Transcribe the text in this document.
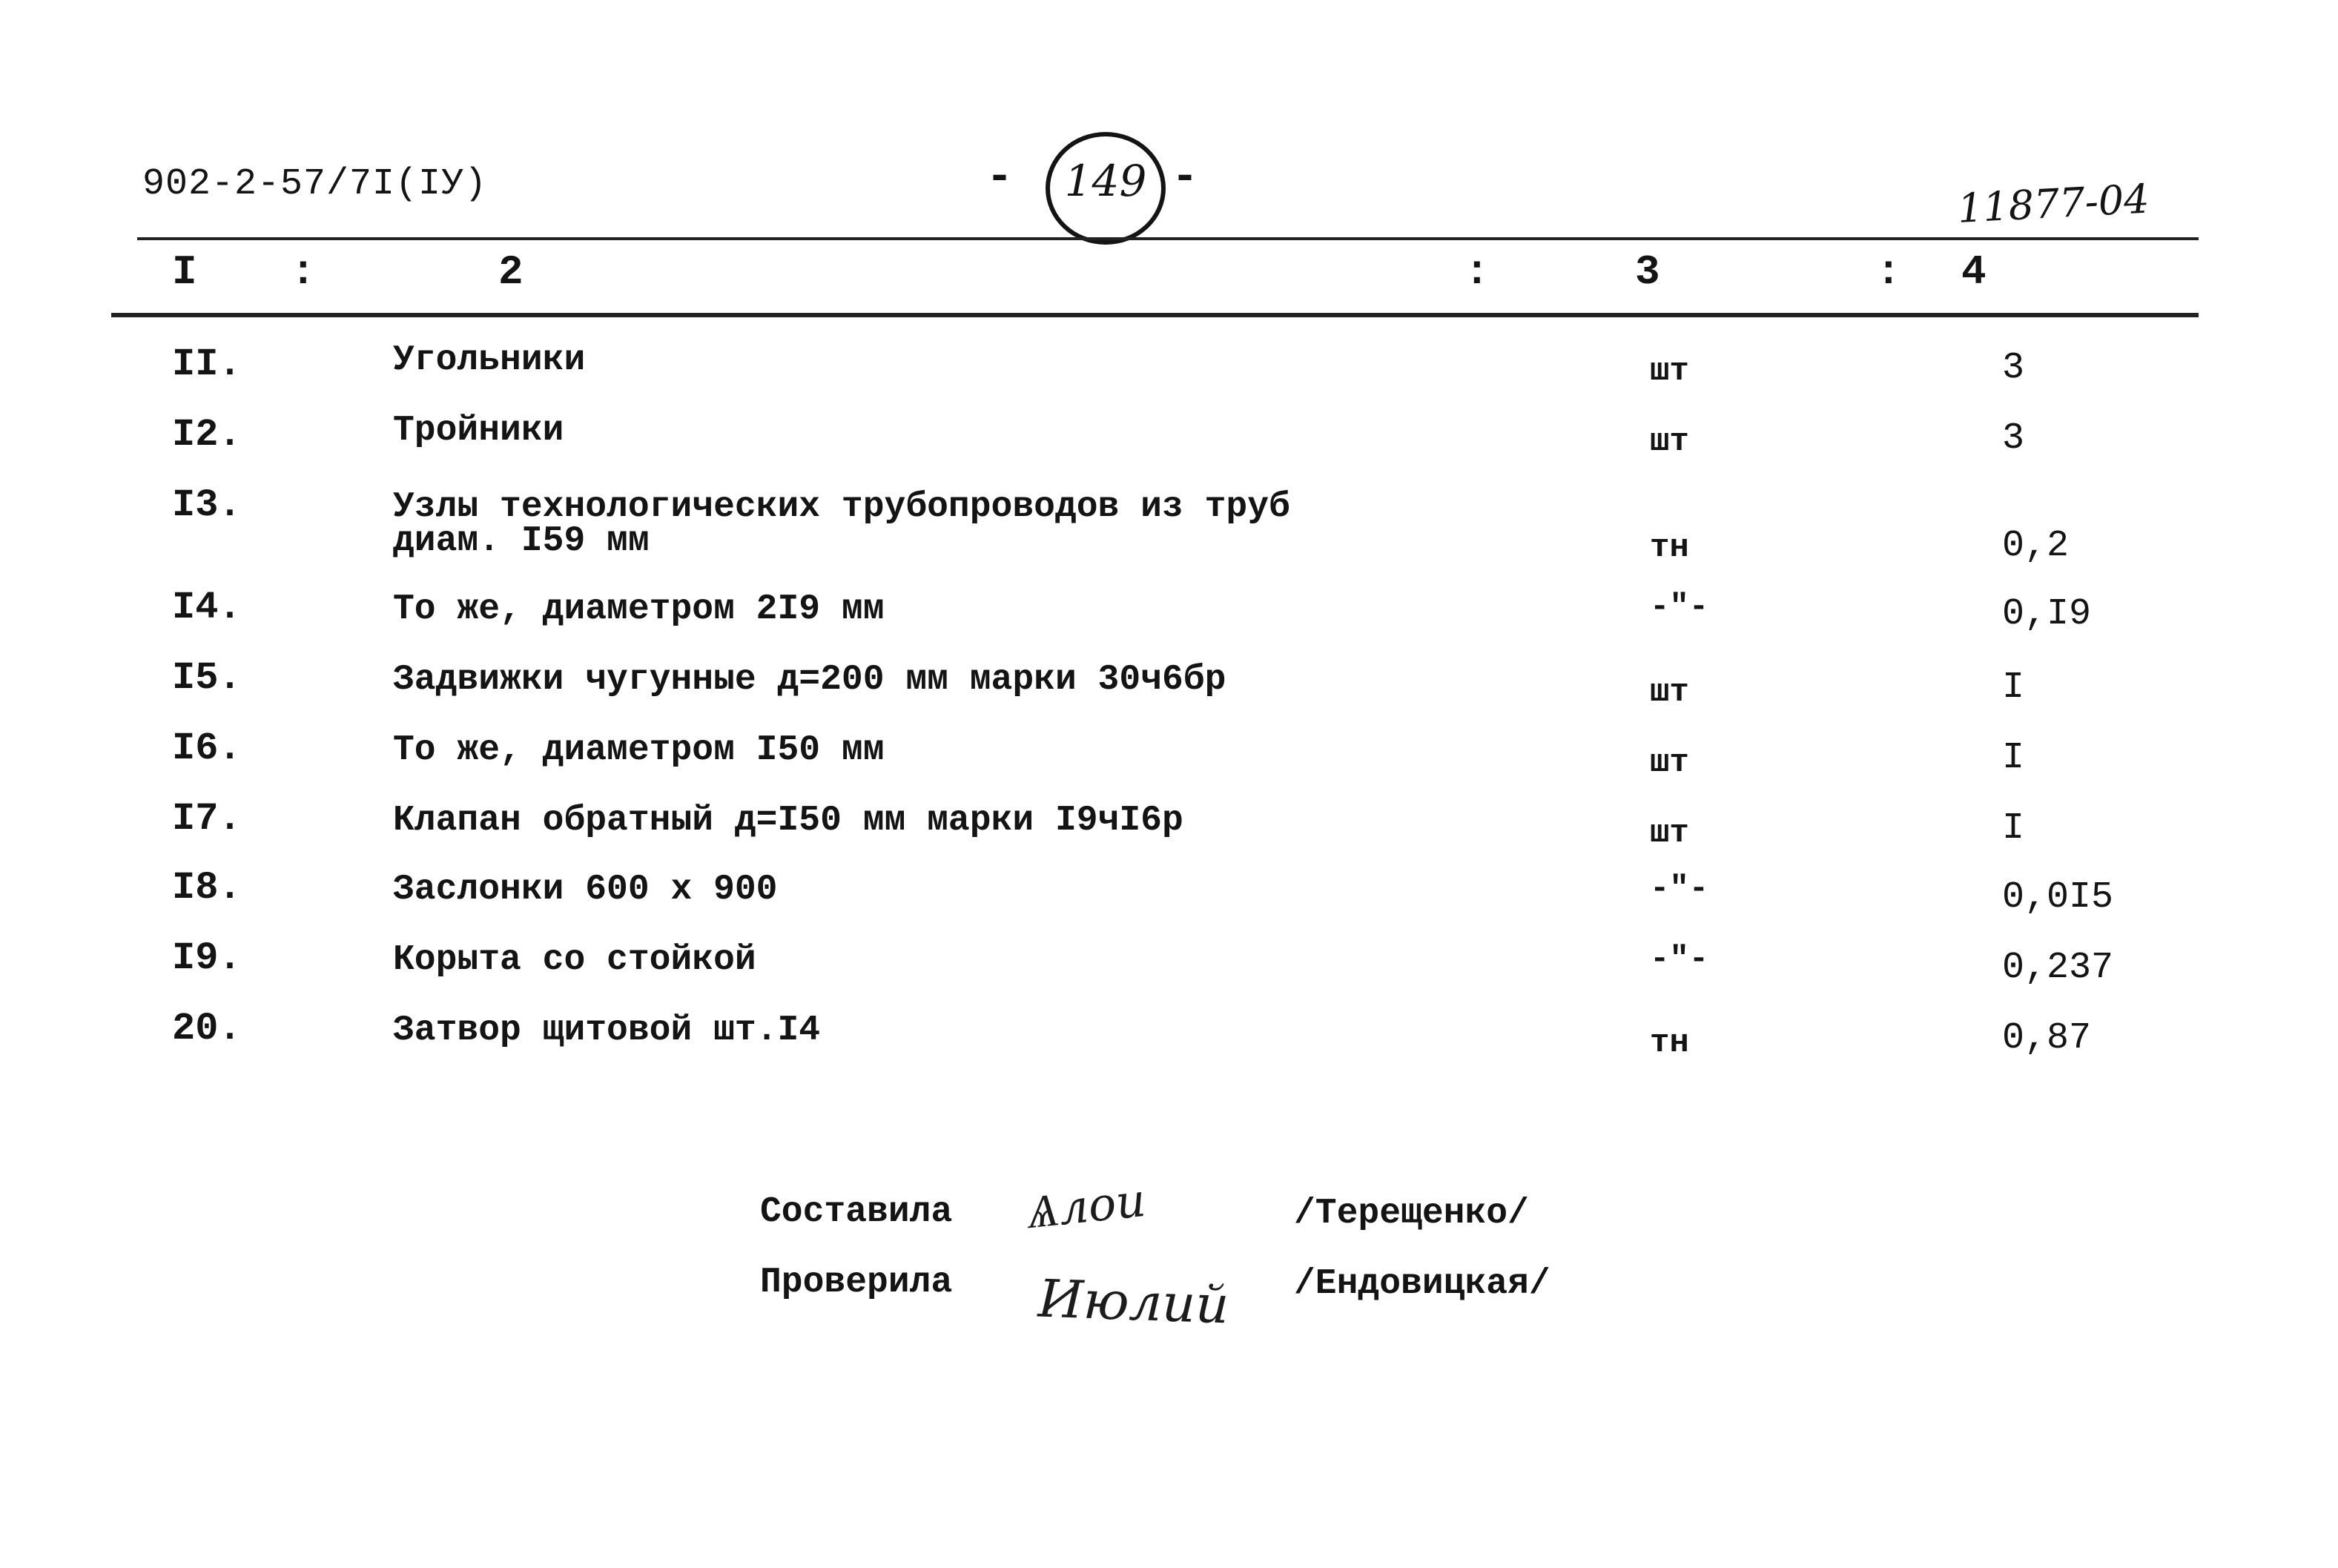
902-2-57/7I(IУ)	-	149 -	11877-04
I :	2	:	3	: 4
II.	Угольники	шт	3
I2.	Тройники	шт	3
I3.	Узлы технологических трубопроводов из труб
диам. I59 мм	тн	0,2
I4.	То же, диаметром 2I9 мм	-"-	0,I9
I5.	Задвижки чугунные д=200 мм марки 30ч6бр	шт	I
I6.	То же, диаметром I50 мм	шт	I
I7.	Клапан обратный д=I50 мм марки I9чI6р	шт	I
I8.	Заслонки 600 х 900	-"-	0,0I5
I9.	Корыта со стойкой	-"-	0,237
20.	Затвор щитовой шт.I4	тн	0,87
Составила Ѧлои	/Терещенко/
Проверила Июлий /Ендовицкая/
